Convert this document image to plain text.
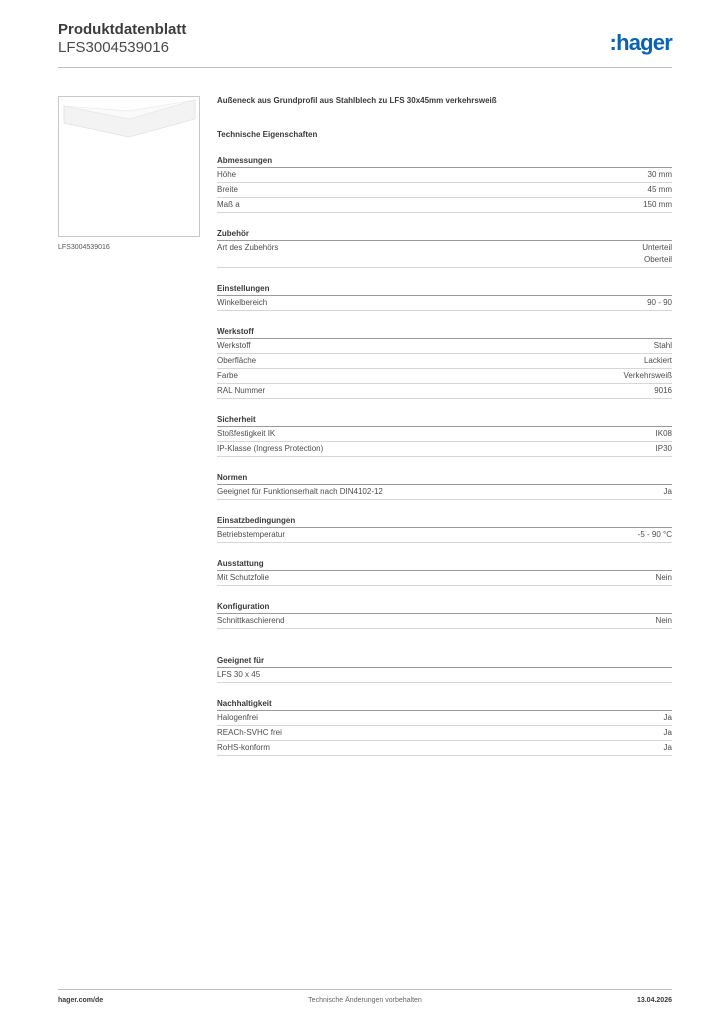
Produktdatenblatt
LFS3004539016	:hager
LFS3004539016
Außeneck aus Grundprofil aus Stahlblech zu LFS 30x45mm verkehrsweiß
Technische Eigenschaften
Abmessungen
Höhe	30 mm
Breite	45 mm
Maß a	150 mm
Zubehör
Art des Zubehörs	Unterteil
Oberteil
Einstellungen
Winkelbereich	90 - 90
Werkstoff
Werkstoff	Stahl
Oberfläche	Lackiert
Farbe	Verkehrsweiß
RAL Nummer	9016
Sicherheit
Stoßfestigkeit IK	IK08
IP-Klasse (Ingress Protection)	IP30
Normen
Geeignet für Funktionserhalt nach DIN4102-12	Ja
Einsatzbedingungen
Betriebstemperatur	-5 - 90 °C
Ausstattung
Mit Schutzfolie	Nein
Konfiguration
Schnittkaschierend	Nein
Geeignet für
LFS 30 x 45
Nachhaltigkeit
Halogenfrei	Ja
REACh-SVHC frei	Ja
RoHS-konform	Ja
Technische Änderungen vorbehalten
hager.com/de	13.04.2026
